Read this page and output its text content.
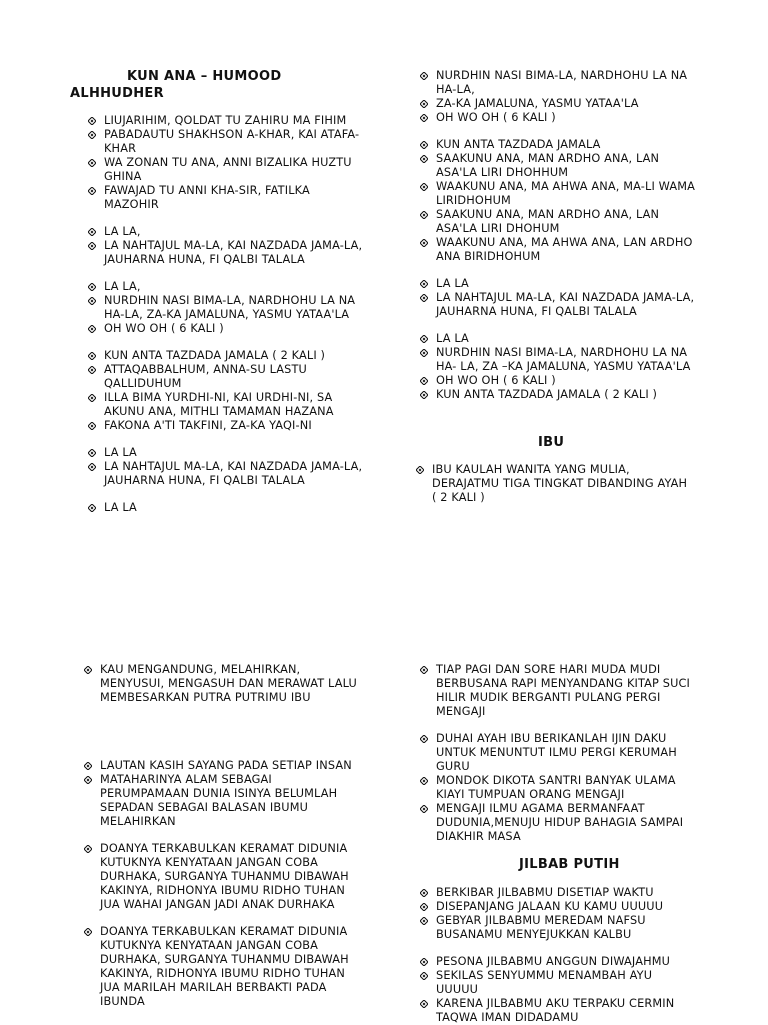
KUN ANA – HUMOOD
ALHHUDHER
LIUJARIHIM, QOLDAT TU ZAHIRU MA FIHIM
PABADAUTU SHAKHSON A-KHAR, KAI ATAFA-
KHAR
WA ZONAN TU ANA, ANNI BIZALIKA HUZTU
GHINA
FAWAJAD TU ANNI KHA-SIR, FATILKA
MAZOHIR
LA LA,
LA NAHTAJUL MA-LA, KAI NAZDADA JAMA-LA,
JAUHARNA HUNA, FI QALBI TALALA
LA LA,
NURDHIN NASI BIMA-LA, NARDHOHU LA NA
HA-LA, ZA-KA JAMALUNA, YASMU YATAA'LA
OH WO OH ( 6 KALI )
KUN ANTA TAZDADA JAMALA ( 2 KALI )
ATTAQABBALHUM, ANNA-SU LASTU
QALLIDUHUM
ILLA BIMA YURDHI-NI, KAI URDHI-NI, SA
AKUNU ANA, MITHLI TAMAMAN HAZANA
FAKONA A'TI TAKFINI, ZA-KA YAQI-NI
LA LA
LA NAHTAJUL MA-LA, KAI NAZDADA JAMA-LA,
JAUHARNA HUNA, FI QALBI TALALA
LA LA
NURDHIN NASI BIMA-LA, NARDHOHU LA NA
HA-LA,
ZA-KA JAMALUNA, YASMU YATAA'LA
OH WO OH ( 6 KALI )
KUN ANTA TAZDADA JAMALA
SAAKUNU ANA, MAN ARDHO ANA, LAN
ASA'LA LIRI DHOHHUM
WAAKUNU ANA, MA AHWA ANA, MA-LI WAMA
LIRIDHOHUM
SAAKUNU ANA, MAN ARDHO ANA, LAN
ASA'LA LIRI DHOHUM
WAAKUNU ANA, MA AHWA ANA, LAN ARDHO
ANA BIRIDHOHUM
LA LA
LA NAHTAJUL MA-LA, KAI NAZDADA JAMA-LA,
JAUHARNA HUNA, FI QALBI TALALA
LA LA
NURDHIN NASI BIMA-LA, NARDHOHU LA NA
HA- LA, ZA –KA JAMALUNA, YASMU YATAA'LA
OH WO OH ( 6 KALI )
KUN ANTA TAZDADA JAMALA ( 2 KALI )
IBU
IBU KAULAH WANITA YANG MULIA,
DERAJATMU TIGA TINGKAT DIBANDING AYAH
( 2 KALI )
KAU MENGANDUNG, MELAHIRKAN,
MENYUSUI, MENGASUH DAN MERAWAT LALU
MEMBESARKAN PUTRA PUTRIMU IBU
LAUTAN KASIH SAYANG PADA SETIAP INSAN
MATAHARINYA ALAM SEBAGAI
PERUMPAMAAN DUNIA ISINYA BELUMLAH
SEPADAN SEBAGAI BALASAN IBUMU
MELAHIRKAN
DOANYA TERKABULKAN KERAMAT DIDUNIA
KUTUKNYA KENYATAAN JANGAN COBA
DURHAKA, SURGANYA TUHANMU DIBAWAH
KAKINYA, RIDHONYA IBUMU RIDHO TUHAN
JUA WAHAI JANGAN JADI ANAK DURHAKA
DOANYA TERKABULKAN KERAMAT DIDUNIA
KUTUKNYA KENYATAAN JANGAN COBA
DURHAKA, SURGANYA TUHANMU DIBAWAH
KAKINYA, RIDHONYA IBUMU RIDHO TUHAN
JUA MARILAH MARILAH BERBAKTI PADA
IBUNDA
TIAP PAGI DAN SORE HARI MUDA MUDI
BERBUSANA RAPI MENYANDANG KITAP SUCI
HILIR MUDIK BERGANTI PULANG PERGI
MENGAJI
DUHAI AYAH IBU BERIKANLAH IJIN DAKU
UNTUK MENUNTUT ILMU PERGI KERUMAH
GURU
MONDOK DIKOTA SANTRI BANYAK ULAMA
KIAYI TUMPUAN ORANG MENGAJI
MENGAJI ILMU AGAMA BERMANFAAT
DUDUNIA,MENUJU HIDUP BAHAGIA SAMPAI
DIAKHIR MASA
JILBAB PUTIH
BERKIBAR JILBABMU DISETIAP WAKTU
DISEPANJANG JALAAN KU KAMU UUUUU
GEBYAR JILBABMU MEREDAM NAFSU
BUSANAMU MENYEJUKKAN KALBU
PESONA JILBABMU ANGGUN DIWAJAHMU
SEKILAS SENYUMMU MENAMBAH AYU
UUUUU
KARENA JILBABMU AKU TERPAKU CERMIN
TAQWA IMAN DIDADAMU
